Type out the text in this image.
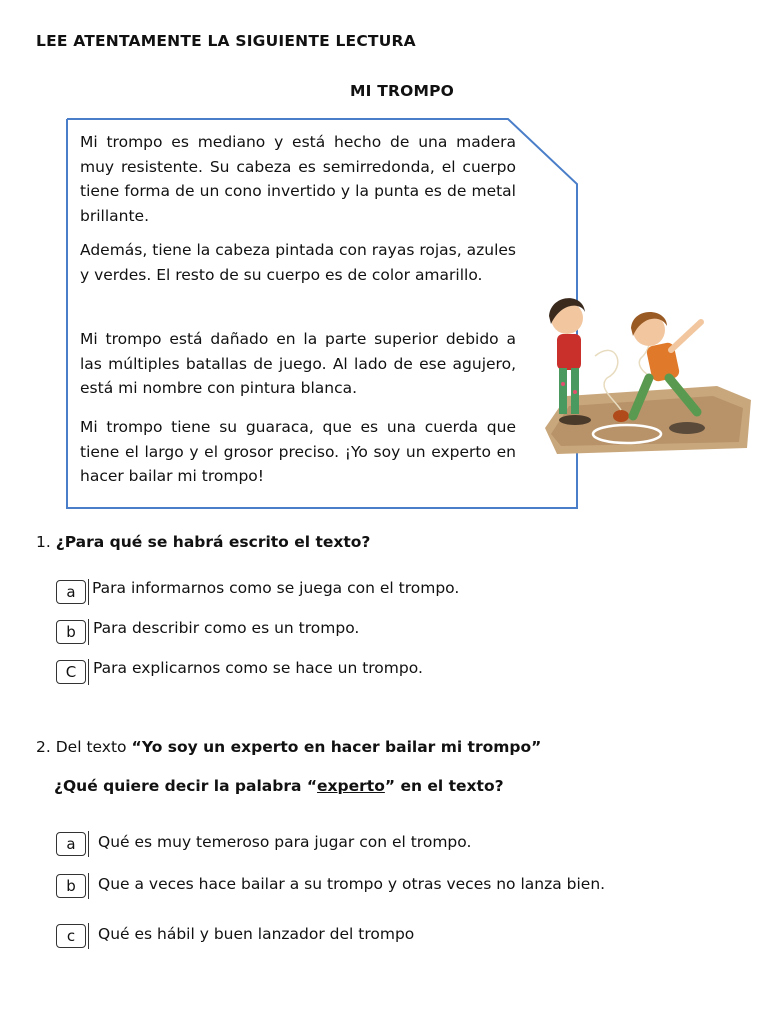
LEE ATENTAMENTE LA SIGUIENTE LECTURA
MI TROMPO

Mi trompo es mediano y está hecho de una madera muy resistente. Su cabeza es semirredonda, el cuerpo tiene forma de un cono invertido y la punta es de metal brillante.

Además, tiene la cabeza pintada con rayas rojas, azules y verdes. El resto de su cuerpo es de color amarillo.

Mi trompo está dañado en la parte superior debido a las múltiples batallas de juego. Al lado de ese agujero, está mi nombre con pintura blanca.

Mi trompo tiene su guaraca, que es una cuerda que tiene el largo y el grosor preciso. ¡Yo soy un experto en hacer bailar mi trompo!

1. ¿Para qué se habrá escrito el texto?
a	Para informarnos como se juega con el trompo.
b	Para describir como es un trompo.
C	Para explicarnos como se hace un trompo.
2. Del texto “Yo soy un experto en hacer bailar mi trompo”
¿Qué quiere decir la palabra “experto” en el texto?
a	Qué es muy temeroso para jugar con el trompo.
b	Que a veces hace bailar a su trompo y otras veces no lanza bien.
c	Qué es hábil y buen lanzador del trompo
